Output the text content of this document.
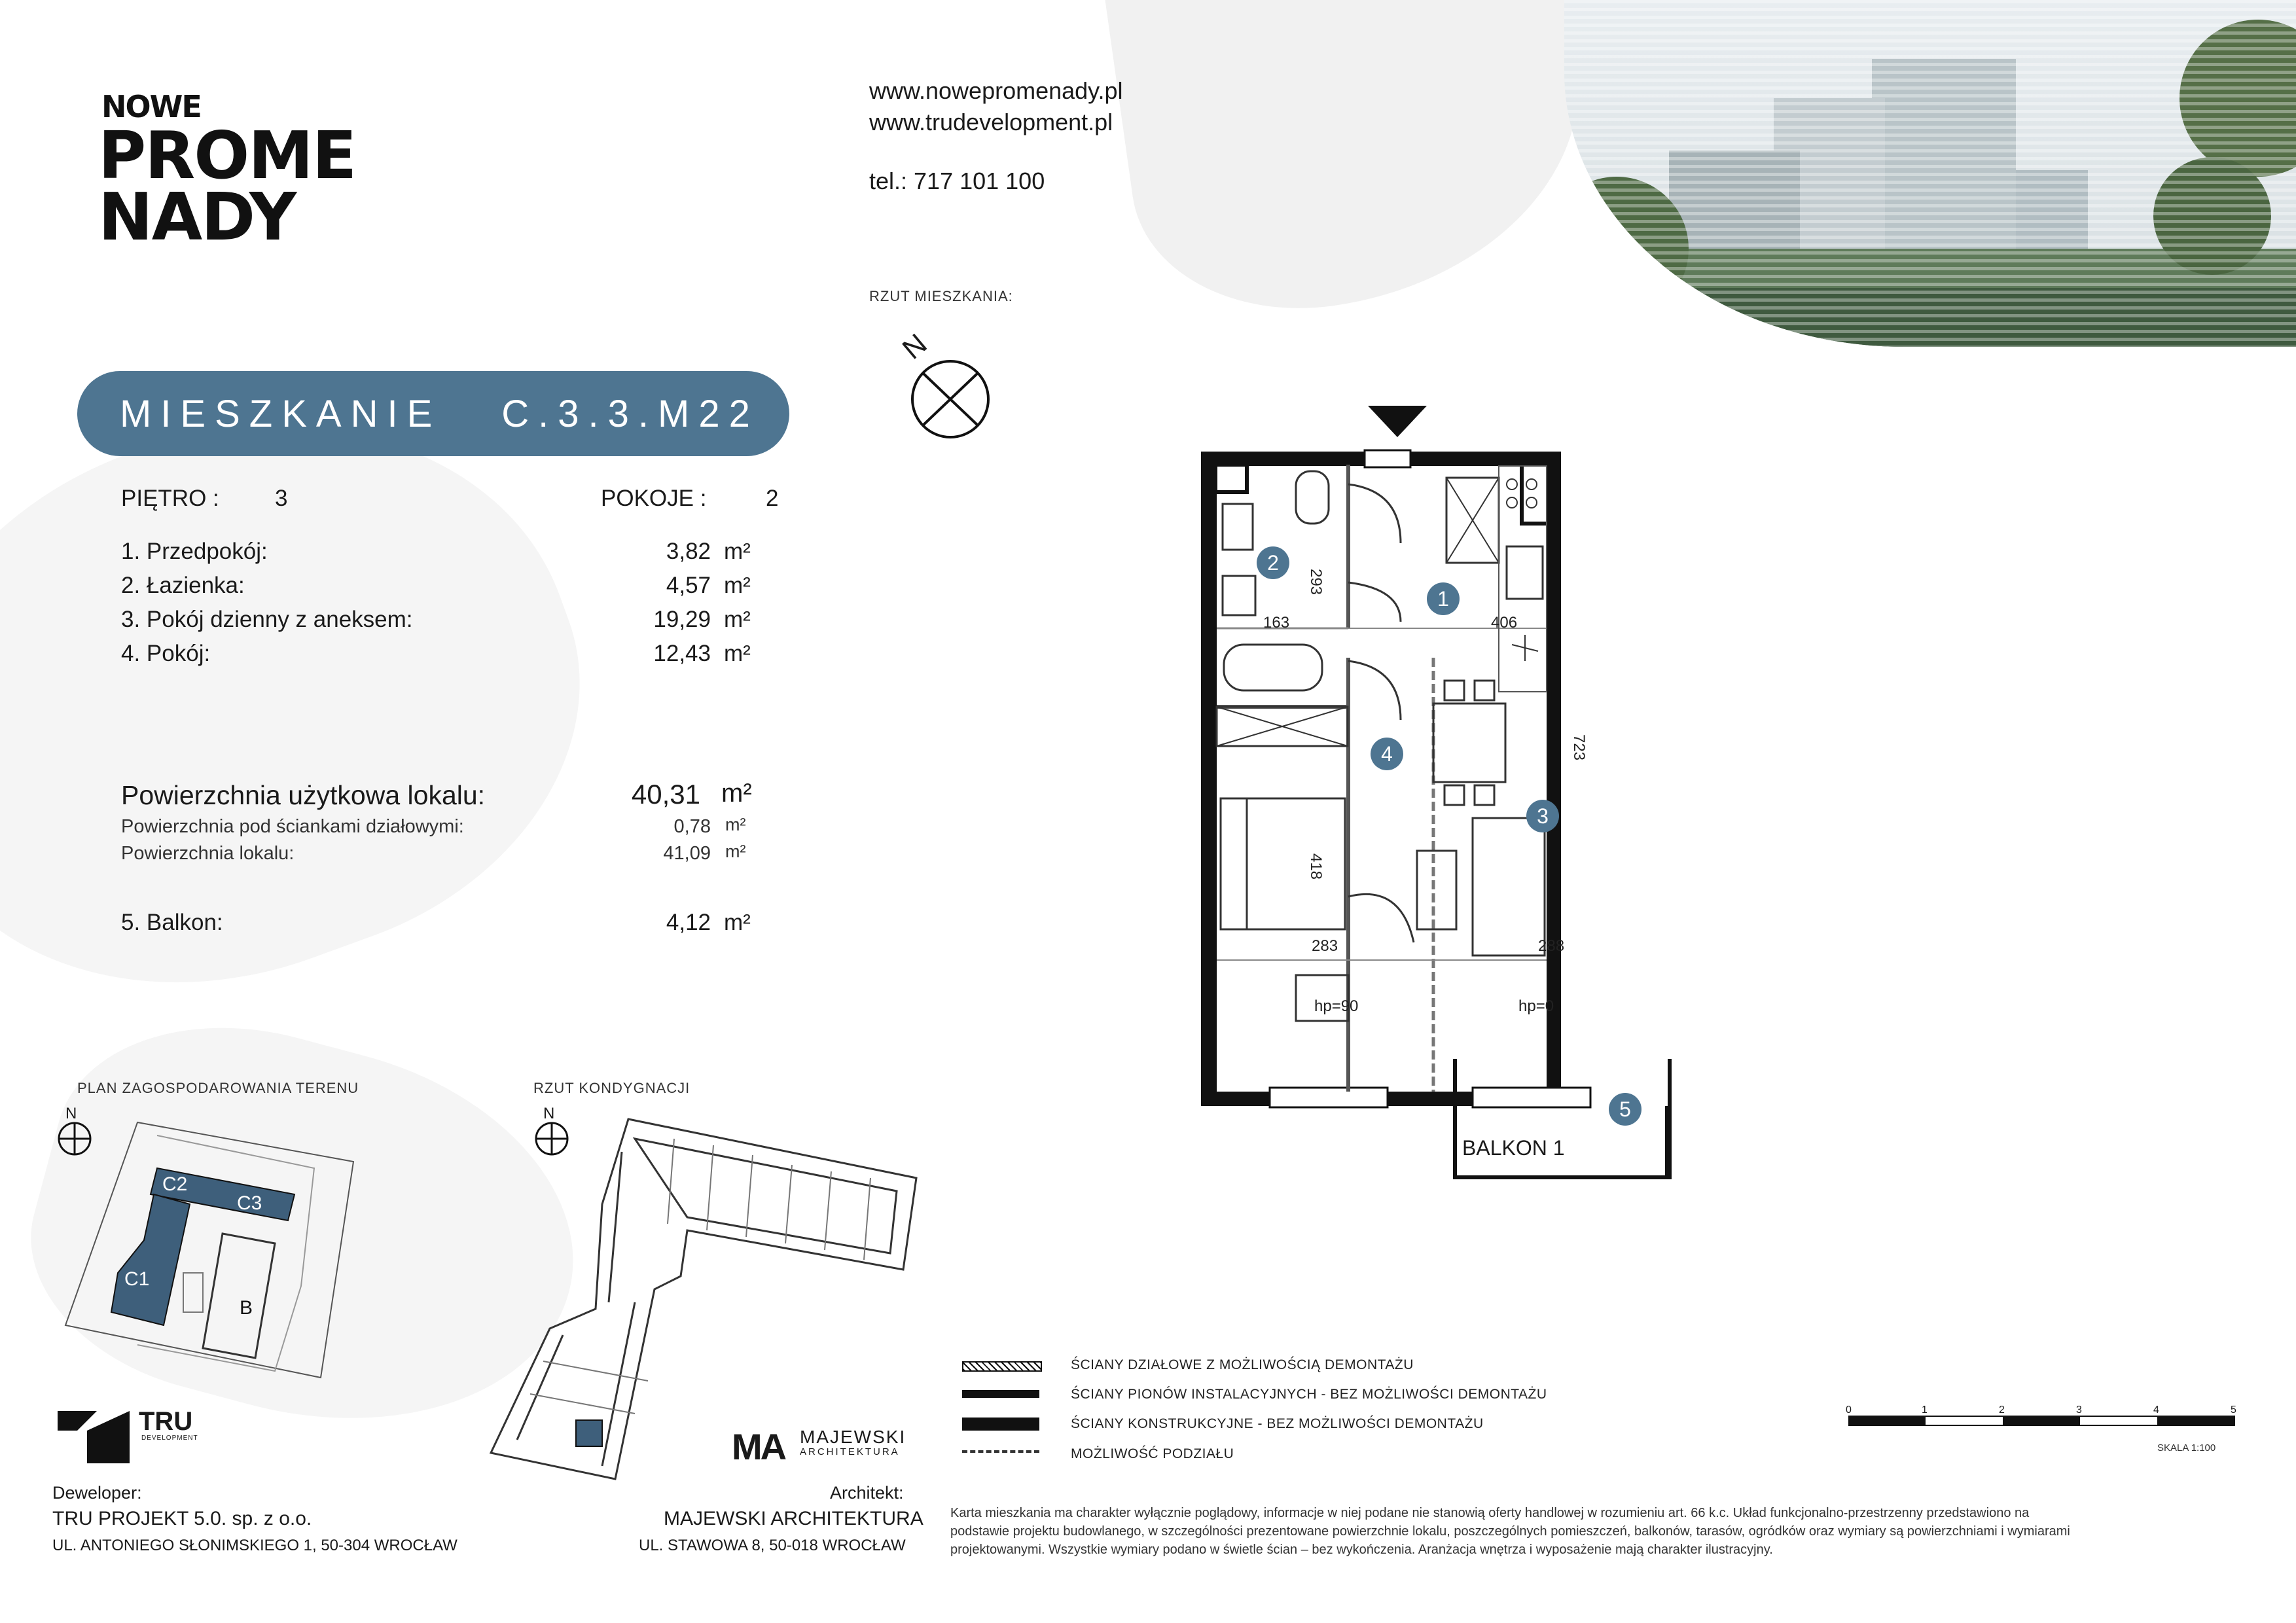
NOWE
PROME
NADY
www.nowepromenady.pl
www.trudevelopment.pl
tel.: 717 101 100
RZUT MIESZKANIA:
N
MIESZKANIE C.3.3.M22
PIĘTRO : 3	POKOJE :	2
1. Przedpokój:	3,82 m²
2. Łazienka:	4,57 m²
3. Pokój dzienny z aneksem:	19,29 m²
4. Pokój:	12,43 m²
Powierzchnia użytkowa lokalu:	40,31 m²
Powierzchnia pod ściankami działowymi:	0,78 m²
Powierzchnia lokalu:	41,09 m²
5. Balkon:	4,12 m²
1
2
3
4
5
293
163	406
723
418
283	288
hp=90	hp=0
BALKON 1
PLAN ZAGOSPODAROWANIA TERENU
N
C2
C3
C1
B
RZUT KONDYGNACJI
N
ŚCIANY DZIAŁOWE Z MOŻLIWOŚCIĄ DEMONTAŻU
ŚCIANY PIONÓW INSTALACYJNYCH - BEZ MOŻLIWOŚCI DEMONTAŻU
ŚCIANY KONSTRUKCYJNE - BEZ MOŻLIWOŚCI DEMONTAŻU
MOŻLIWOŚĆ PODZIAŁU
0	1	2	3	4	5
SKALA 1:100
Karta mieszkania ma charakter wyłącznie poglądowy, informacje w niej podane nie stanowią oferty handlowej w rozumieniu art. 66 k.c. Układ funkcjonalno-przestrzenny przedstawiono na
podstawie projektu budowlanego, w szczególności prezentowane powierzchnie lokalu, poszczególnych pomieszczeń, balkonów, tarasów, ogródków oraz wymiary są powierzchniami i wymiarami
projektowanymi. Wszystkie wymiary podano w świetle ścian – bez wykończenia. Aranżacja wnętrza i wyposażenie mają charakter ilustracyjny.
TRU
DEVELOPMENT
Deweloper:
TRU PROJEKT 5.0. sp. z o.o.
UL. ANTONIEGO SŁONIMSKIEGO 1, 50-304 WROCŁAW
MA MAJEWSKI
ARCHITEKTURA
Architekt:
MAJEWSKI ARCHITEKTURA
UL. STAWOWA 8, 50-018 WROCŁAW
